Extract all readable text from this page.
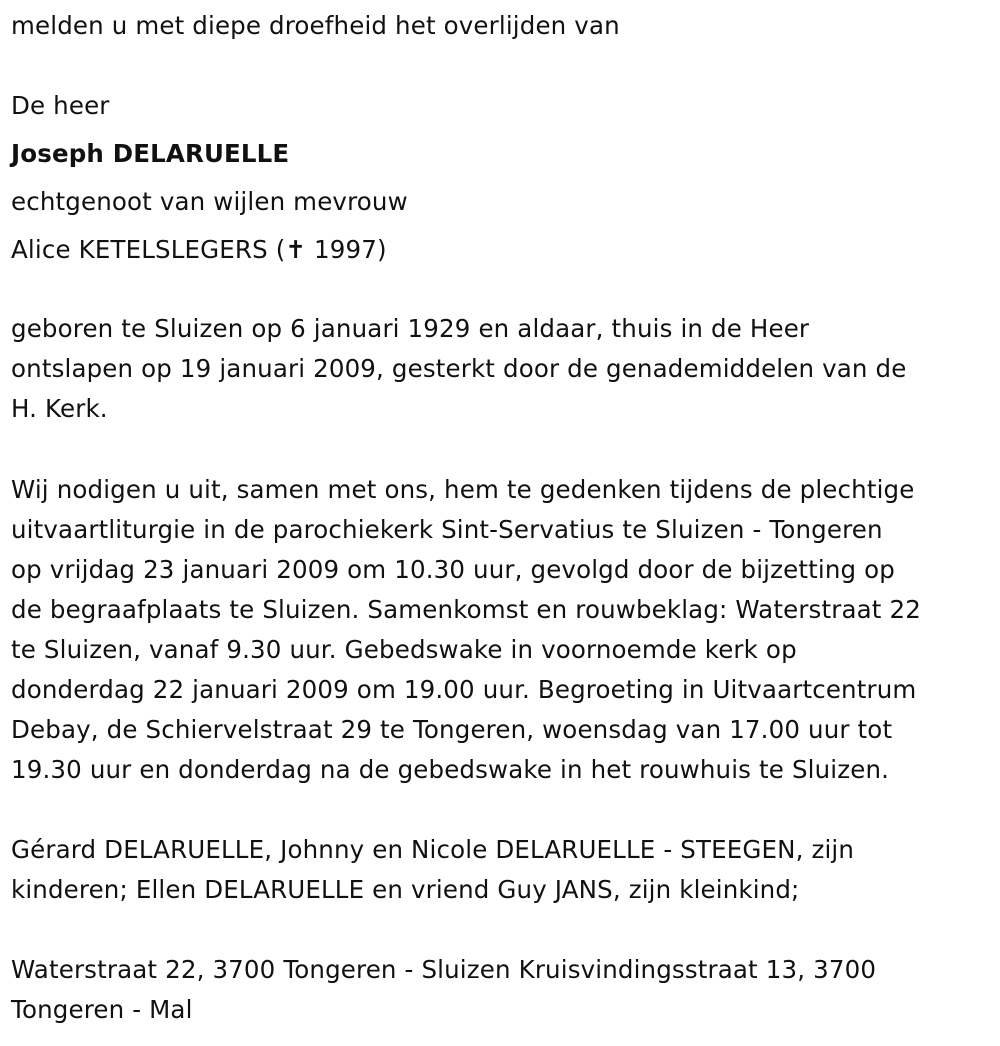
melden u met diepe droefheid het overlijden van
De heer
Joseph DELARUELLE
echtgenoot van wijlen mevrouw
Alice KETELSLEGERS (✝ 1997)
geboren te Sluizen op 6 januari 1929 en aldaar, thuis in de Heer
ontslapen op 19 januari 2009, gesterkt door de genademiddelen van de
H. Kerk.
Wij nodigen u uit, samen met ons, hem te gedenken tijdens de plechtige
uitvaartliturgie in de parochiekerk Sint-Servatius te Sluizen - Tongeren
op vrijdag 23 januari 2009 om 10.30 uur, gevolgd door de bijzetting op
de begraafplaats te Sluizen. Samenkomst en rouwbeklag: Waterstraat 22
te Sluizen, vanaf 9.30 uur. Gebedswake in voornoemde kerk op
donderdag 22 januari 2009 om 19.00 uur. Begroeting in Uitvaartcentrum
Debay, de Schiervelstraat 29 te Tongeren, woensdag van 17.00 uur tot
19.30 uur en donderdag na de gebedswake in het rouwhuis te Sluizen.
Gérard DELARUELLE, Johnny en Nicole DELARUELLE - STEEGEN, zijn
kinderen; Ellen DELARUELLE en vriend Guy JANS, zijn kleinkind;
Waterstraat 22, 3700 Tongeren - Sluizen Kruisvindingsstraat 13, 3700
Tongeren - Mal
